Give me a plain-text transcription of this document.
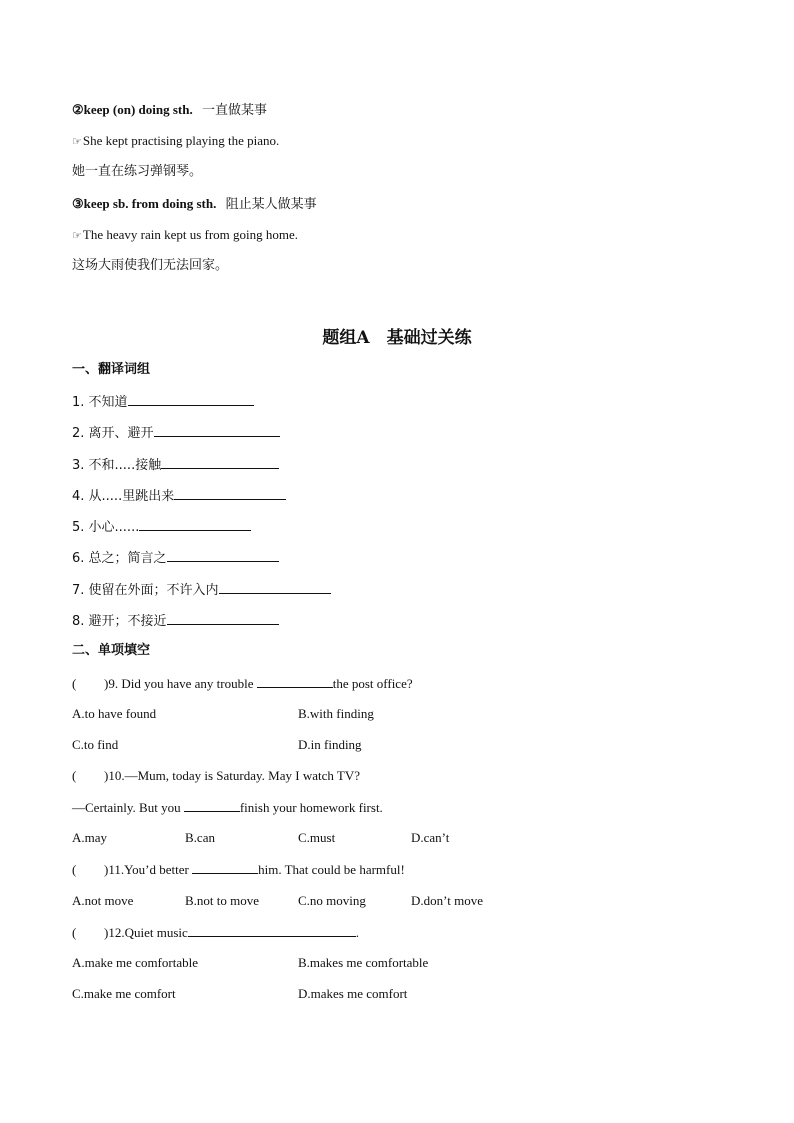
②keep (on) doing sth. 一直做某事
☞She kept practising playing the piano.
她一直在练习弹钢琴。
③keep sb. from doing sth. 阻止某人做某事
☞The heavy rain kept us from going home.
这场大雨使我们无法回家。
题组A　基础过关练
一、翻译词组
1. 不知道
2. 离开、避开
3. 不和.....接触
4. 从.....里跳出来
5. 小心......
6. 总之；简言之
7. 使留在外面；不许入内
8. 避开；不接近
二、单项填空
( )9. Did you have any trouble	the post office?
A.to have found	B.with finding
C.to find	D.in finding
( )10.—Mum, today is Saturday. May I watch TV?
—Certainly. But you	finish your homework first.
A.may	B.can	C.must	D.can’t
( )11.You’d better	him. That could be harmful!
A.not move	B.not to move	C.no moving	D.don’t move
( )12.Quiet music	.
A.make me comfortable	B.makes me comfortable
C.make me comfort	D.makes me comfort
